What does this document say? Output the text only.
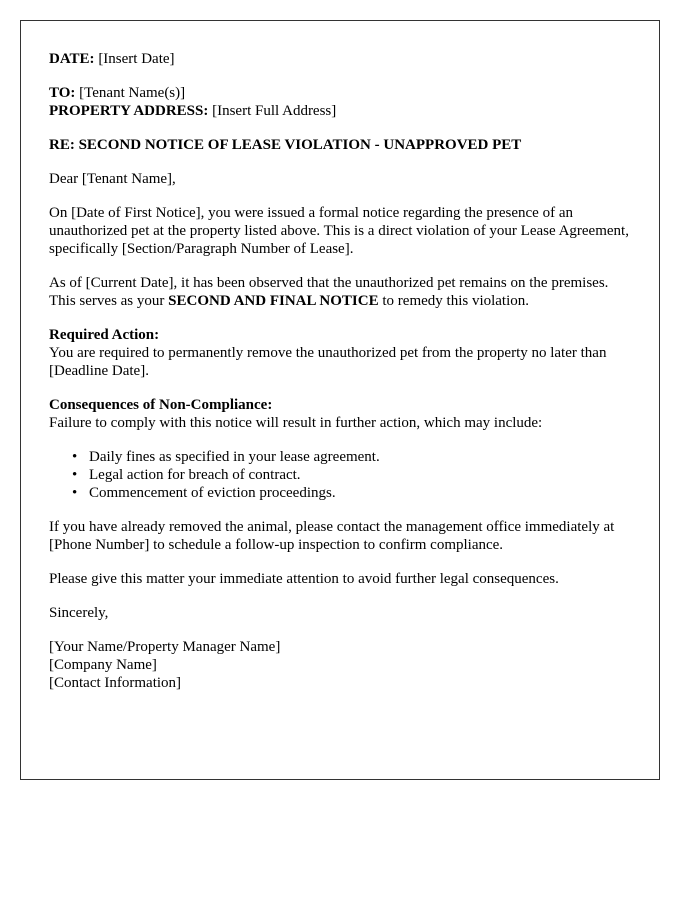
DATE: [Insert Date]
TO: [Tenant Name(s)]
PROPERTY ADDRESS: [Insert Full Address]
RE: SECOND NOTICE OF LEASE VIOLATION - UNAPPROVED PET
Dear [Tenant Name],
On [Date of First Notice], you were issued a formal notice regarding the presence of an unauthorized pet at the property listed above. This is a direct violation of your Lease Agreement, specifically [Section/Paragraph Number of Lease].
As of [Current Date], it has been observed that the unauthorized pet remains on the premises. This serves as your SECOND AND FINAL NOTICE to remedy this violation.
Required Action:
You are required to permanently remove the unauthorized pet from the property no later than [Deadline Date].
Consequences of Non-Compliance:
Failure to comply with this notice will result in further action, which may include:
• Daily fines as specified in your lease agreement.
• Legal action for breach of contract.
• Commencement of eviction proceedings.
If you have already removed the animal, please contact the management office immediately at [Phone Number] to schedule a follow-up inspection to confirm compliance.
Please give this matter your immediate attention to avoid further legal consequences.
Sincerely,
[Your Name/Property Manager Name]
[Company Name]
[Contact Information]
